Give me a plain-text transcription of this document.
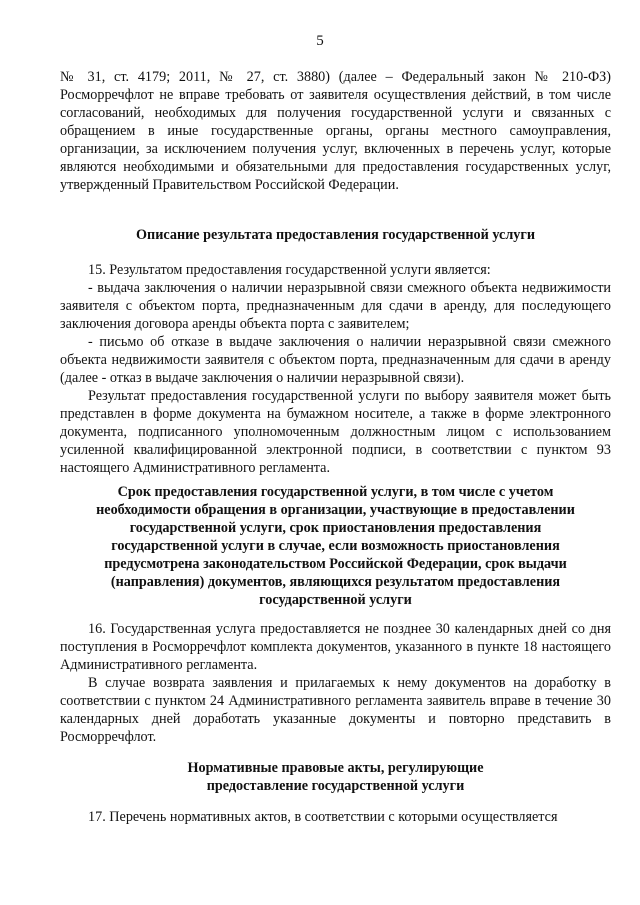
5

№ 31, ст. 4179; 2011, № 27, ст. 3880) (далее – Федеральный закон № 210-ФЗ) Росморречфлот не вправе требовать от заявителя осуществления действий, в том числе согласований, необходимых для получения государственной услуги и связанных с обращением в иные государственные органы, органы местного самоуправления, организации, за исключением получения услуг, включенных в перечень услуг, которые являются необходимыми и обязательными для предоставления государственных услуг, утвержденный Правительством Российской Федерации.

Описание результата предоставления государственной услуги

15. Результатом предоставления государственной услуги является:

- выдача заключения о наличии неразрывной связи смежного объекта недвижимости заявителя с объектом порта, предназначенным для сдачи в аренду, для последующего заключения договора аренды объекта порта с заявителем;

- письмо об отказе в выдаче заключения о наличии неразрывной связи смежного объекта недвижимости заявителя с объектом порта, предназначенным для сдачи в аренду (далее - отказ в выдаче заключения о наличии неразрывной связи).

Результат предоставления государственной услуги по выбору заявителя может быть представлен в форме документа на бумажном носителе, а также в форме электронного документа, подписанного уполномоченным должностным лицом с использованием усиленной квалифицированной электронной подписи, в соответствии с пунктом 93 настоящего Административного регламента.

Срок предоставления государственной услуги, в том числе с учетом
необходимости обращения в организации, участвующие в предоставлении
государственной услуги, срок приостановления предоставления
государственной услуги в случае, если возможность приостановления
предусмотрена законодательством Российской Федерации, срок выдачи
(направления) документов, являющихся результатом предоставления
государственной услуги

16. Государственная услуга предоставляется не позднее 30 календарных дней со дня поступления в Росморречфлот комплекта документов, указанного в пункте 18 настоящего Административного регламента.

В случае возврата заявления и прилагаемых к нему документов на доработку в соответствии с пунктом 24 Административного регламента заявитель вправе в течение 30 календарных дней доработать указанные документы и повторно представить в Росморречфлот.

Нормативные правовые акты, регулирующие
предоставление государственной услуги

17. Перечень нормативных актов, в соответствии с которыми осуществляется
